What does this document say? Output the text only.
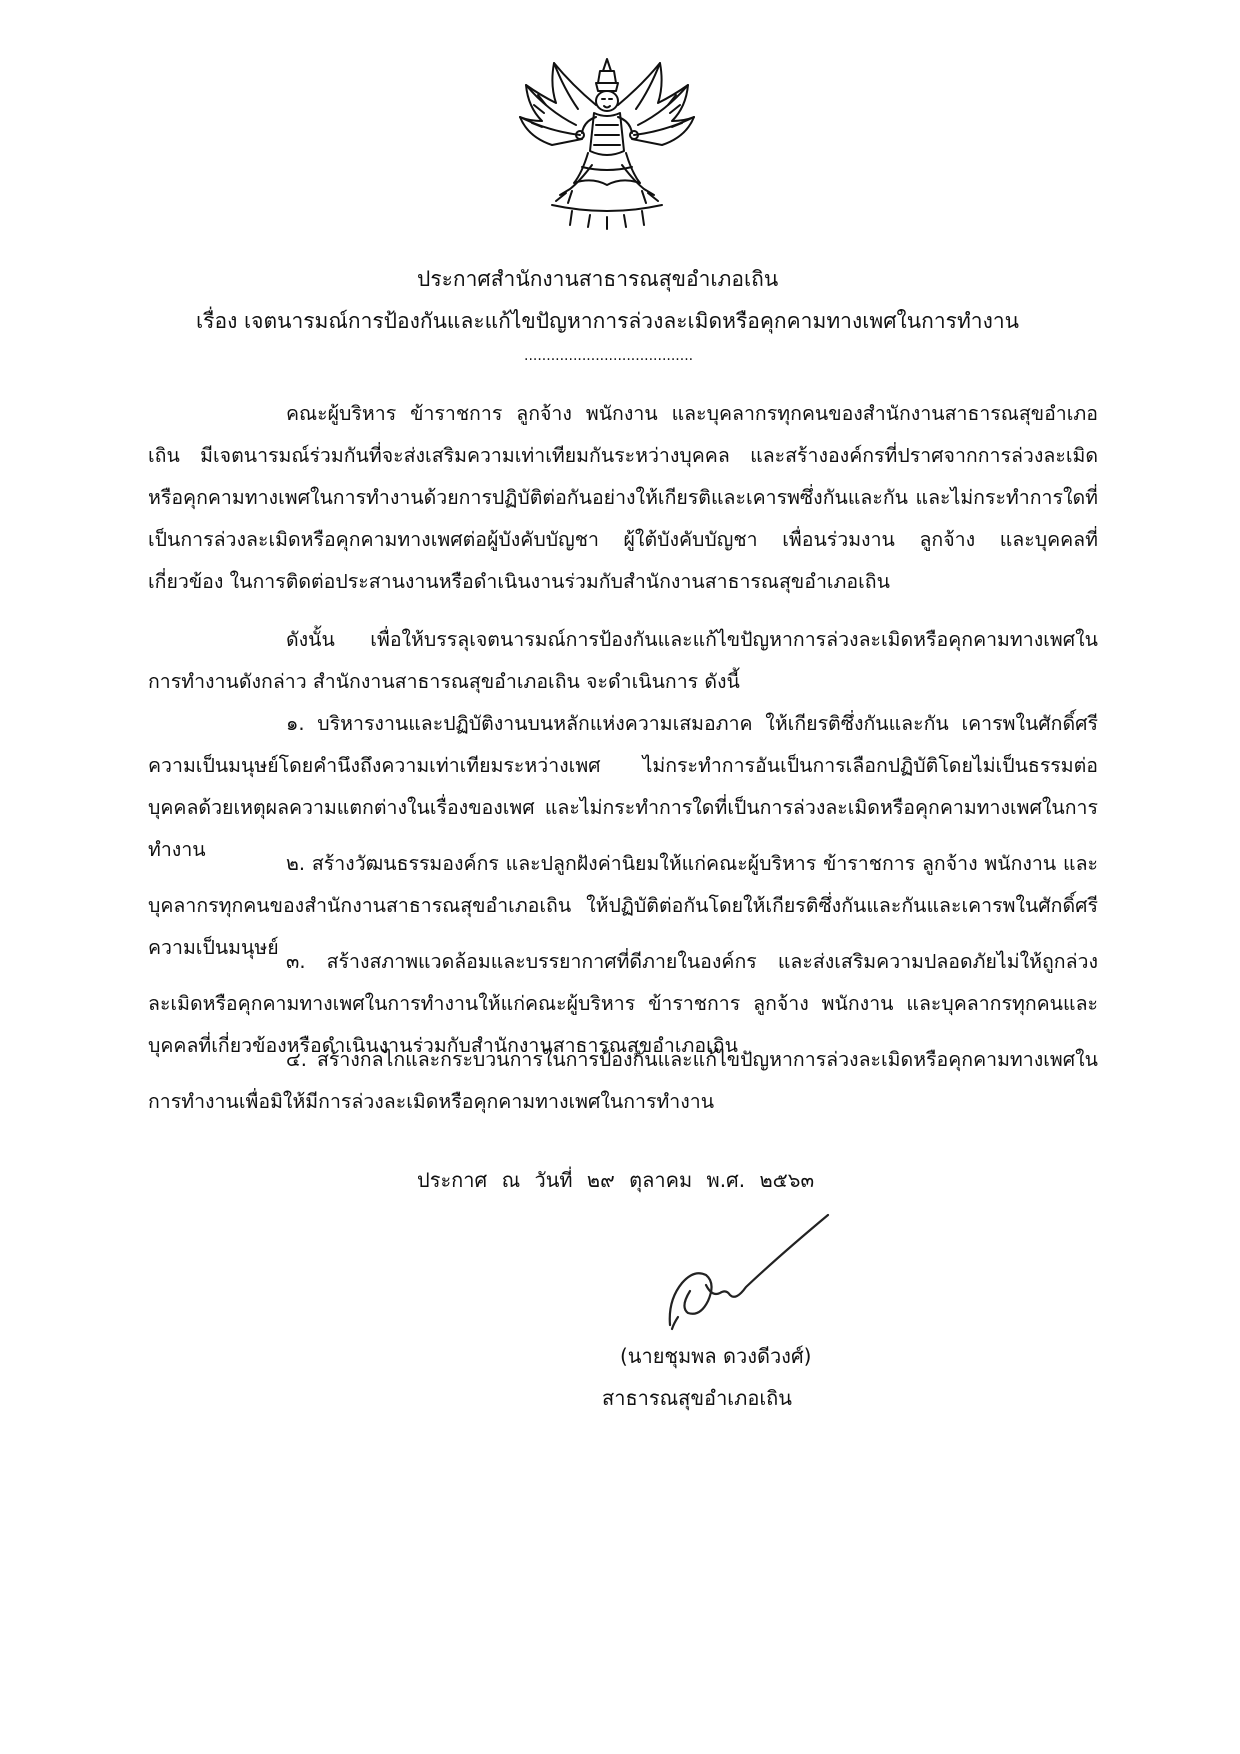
ประกาศสำนักงานสาธารณสุขอำเภอเถิน
เรื่อง เจตนารมณ์การป้องกันและแก้ไขปัญหาการล่วงละเมิดหรือคุกคามทางเพศในการทำงาน
......................................
คณะผู้บริหาร ข้าราชการ ลูกจ้าง พนักงาน และบุคลากรทุกคนของสำนักงานสาธารณสุขอำเภอเถิน มีเจตนารมณ์ร่วมกันที่จะส่งเสริมความเท่าเทียมกันระหว่างบุคคล และสร้างองค์กรที่ปราศจากการล่วงละเมิดหรือคุกคามทางเพศในการทำงานด้วยการปฏิบัติต่อกันอย่างให้เกียรติและเคารพซึ่งกันและกัน และไม่กระทำการใดที่เป็นการล่วงละเมิดหรือคุกคามทางเพศต่อผู้บังคับบัญชา ผู้ใต้บังคับบัญชา เพื่อนร่วมงาน ลูกจ้าง และบุคคลที่เกี่ยวข้อง ในการติดต่อประสานงานหรือดำเนินงานร่วมกับสำนักงานสาธารณสุขอำเภอเถิน
ดังนั้น เพื่อให้บรรลุเจตนารมณ์การป้องกันและแก้ไขปัญหาการล่วงละเมิดหรือคุกคามทางเพศในการทำงานดังกล่าว สำนักงานสาธารณสุขอำเภอเถิน จะดำเนินการ ดังนี้
๑. บริหารงานและปฏิบัติงานบนหลักแห่งความเสมอภาค ให้เกียรติซึ่งกันและกัน เคารพในศักดิ์ศรีความเป็นมนุษย์โดยคำนึงถึงความเท่าเทียมระหว่างเพศ ไม่กระทำการอันเป็นการเลือกปฏิบัติโดยไม่เป็นธรรมต่อบุคคลด้วยเหตุผลความแตกต่างในเรื่องของเพศ และไม่กระทำการใดที่เป็นการล่วงละเมิดหรือคุกคามทางเพศในการทำงาน
๒. สร้างวัฒนธรรมองค์กร และปลูกฝังค่านิยมให้แก่คณะผู้บริหาร ข้าราชการ ลูกจ้าง พนักงาน และบุคลากรทุกคนของสำนักงานสาธารณสุขอำเภอเถิน ให้ปฏิบัติต่อกันโดยให้เกียรติซึ่งกันและกันและเคารพในศักดิ์ศรีความเป็นมนุษย์
๓. สร้างสภาพแวดล้อมและบรรยากาศที่ดีภายในองค์กร และส่งเสริมความปลอดภัยไม่ให้ถูกล่วงละเมิดหรือคุกคามทางเพศในการทำงานให้แก่คณะผู้บริหาร ข้าราชการ ลูกจ้าง พนักงาน และบุคลากรทุกคนและบุคคลที่เกี่ยวข้องหรือดำเนินงานร่วมกับสำนักงานสาธารณสุขอำเภอเถิน
๔. สร้างกลไกและกระบวนการในการป้องกันและแก้ไขปัญหาการล่วงละเมิดหรือคุกคามทางเพศในการทำงานเพื่อมิให้มีการล่วงละเมิดหรือคุกคามทางเพศในการทำงาน
ประกาศ ณ วันที่ ๒๙ ตุลาคม พ.ศ. ๒๕๖๓
(นายชุมพล ดวงดีวงศ์)
สาธารณสุขอำเภอเถิน
